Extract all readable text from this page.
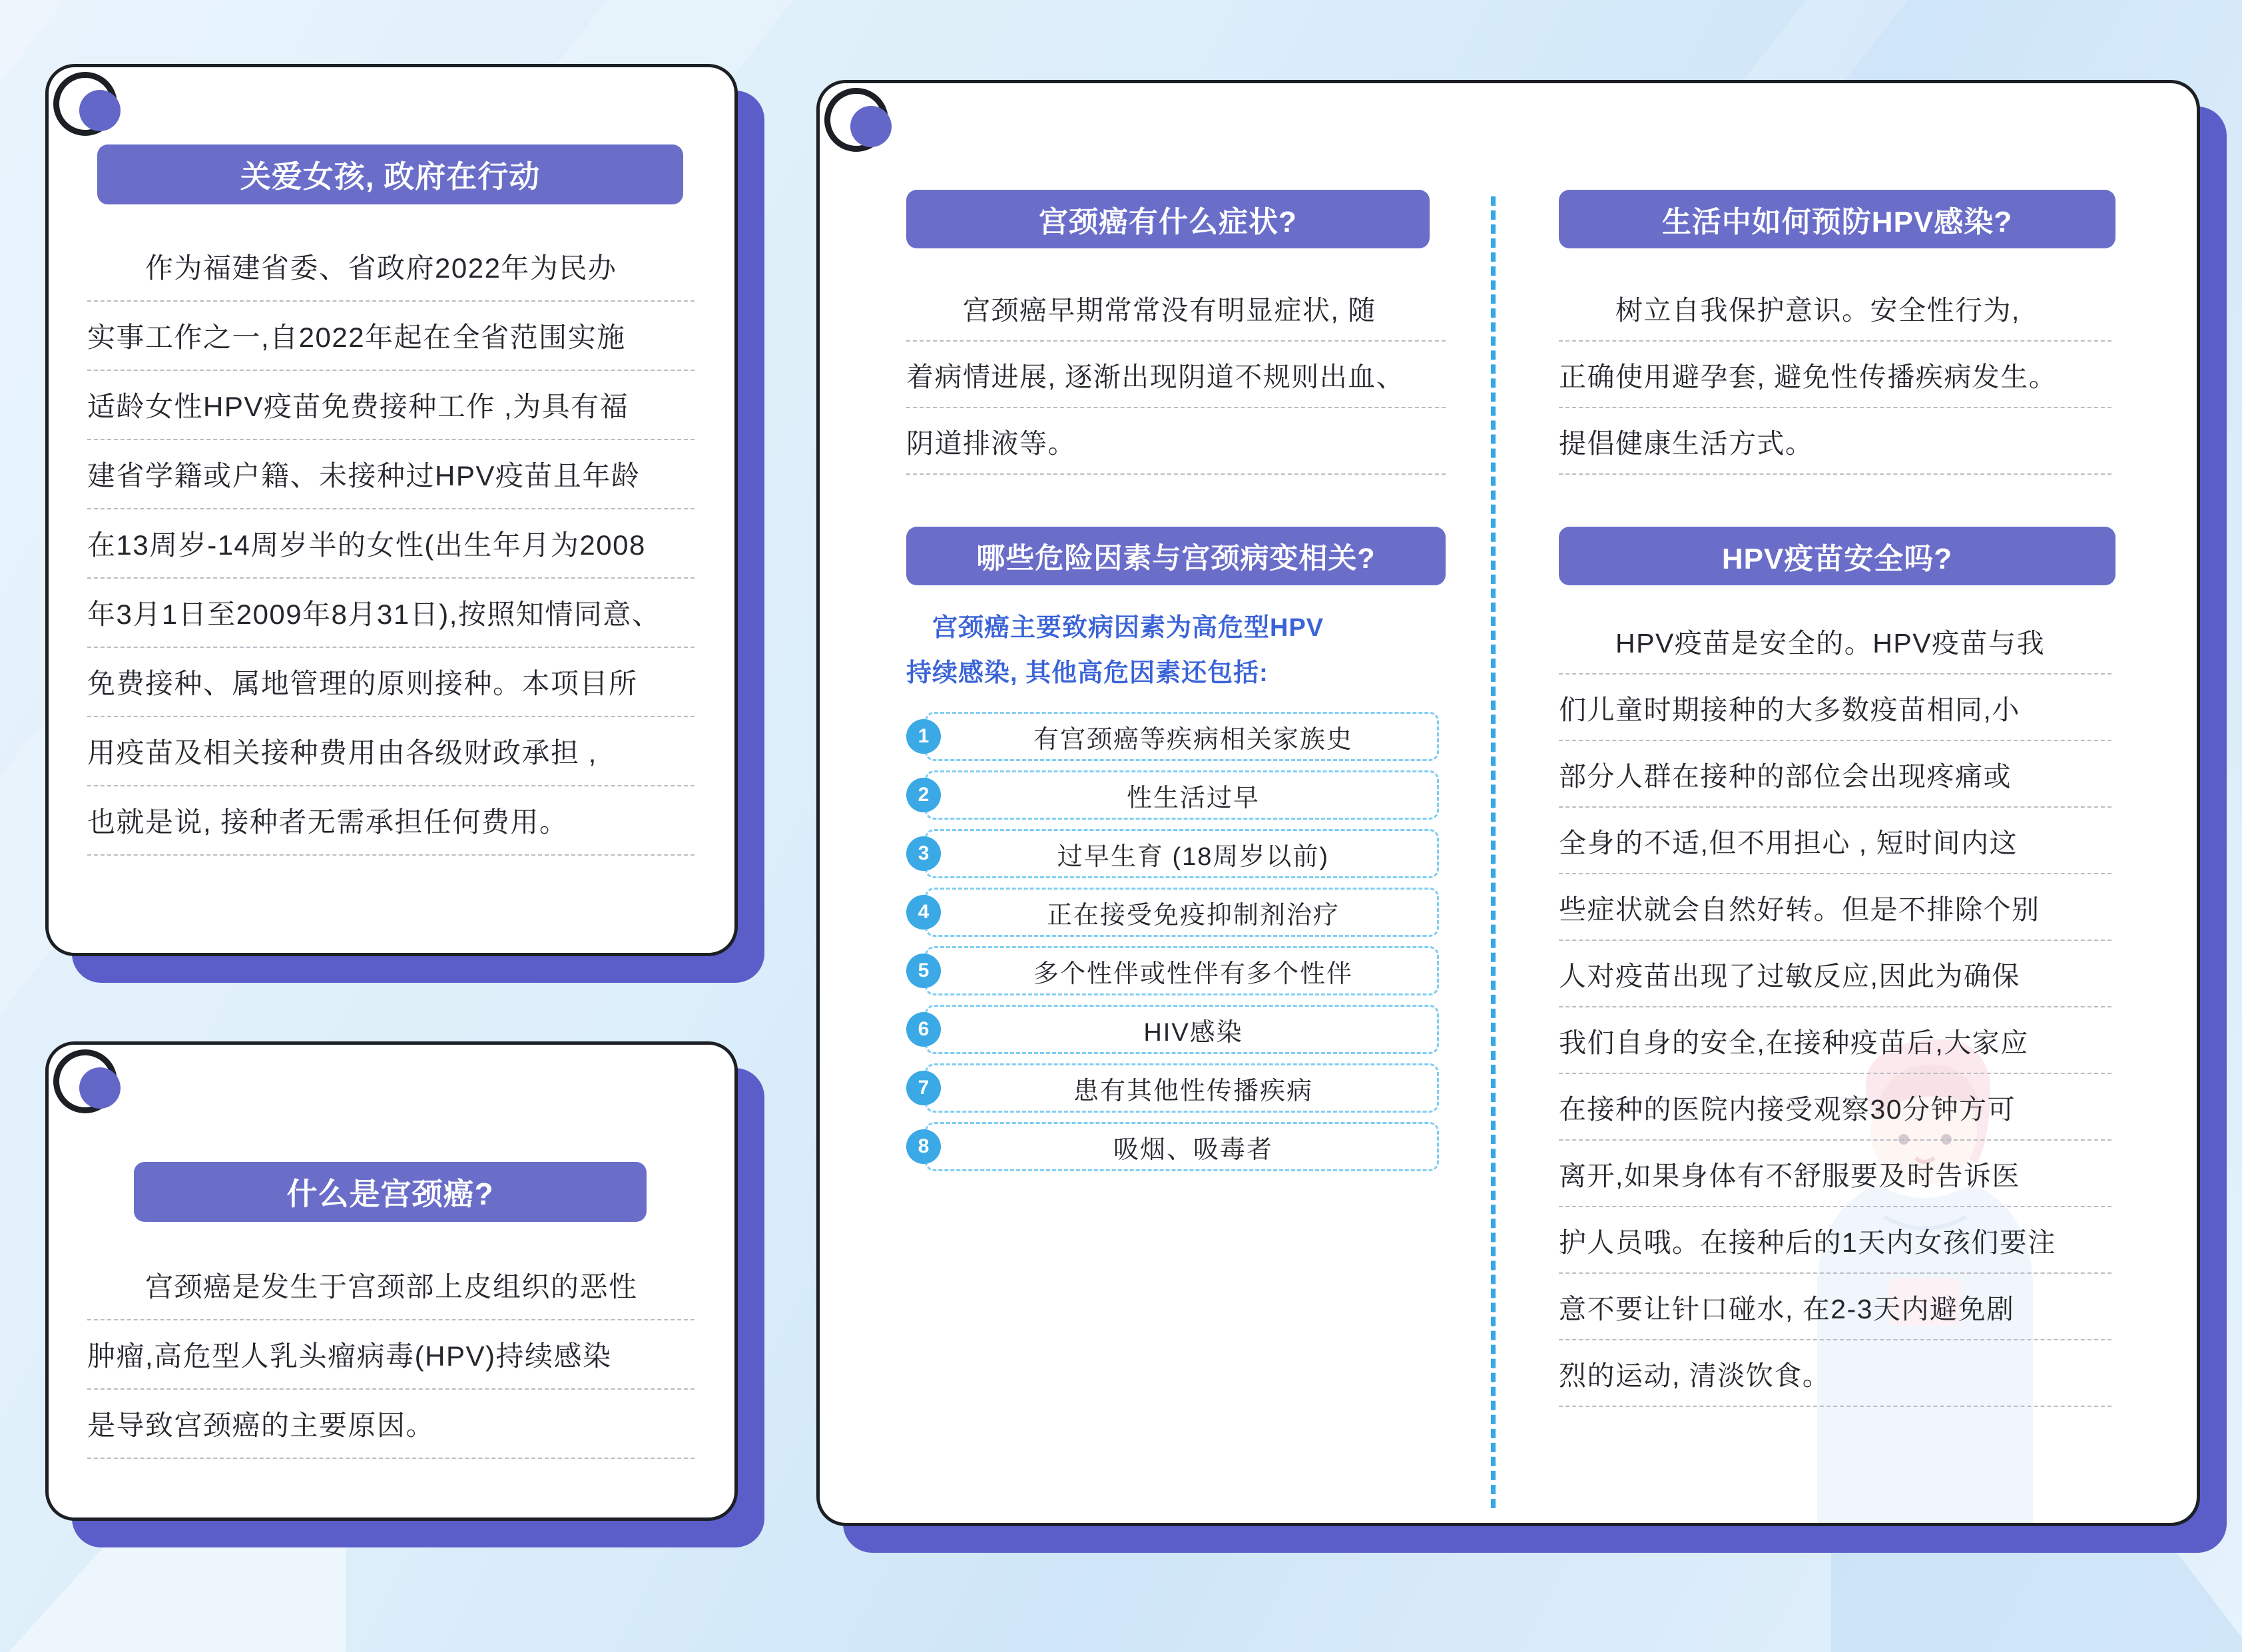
关爱女孩, 政府在行动
　　作为福建省委、省政府2022年为民办
实事工作之一,自2022年起在全省范围实施
适龄女性HPV疫苗免费接种工作 ,为具有福
建省学籍或户籍、未接种过HPV疫苗且年龄
在13周岁-14周岁半的女性(出生年月为2008
年3月1日至2009年8月31日),按照知情同意、
免费接种、属地管理的原则接种。本项目所
用疫苗及相关接种费用由各级财政承担 ,
也就是说, 接种者无需承担任何费用。
什么是宫颈癌?
　　宫颈癌是发生于宫颈部上皮组织的恶性
肿瘤,高危型人乳头瘤病毒(HPV)持续感染
是导致宫颈癌的主要原因。
宫颈癌有什么症状?
　　宫颈癌早期常常没有明显症状, 随
着病情进展, 逐渐出现阴道不规则出血、
阴道排液等。
哪些危险因素与宫颈病变相关?
　宫颈癌主要致病因素为高危型HPV
持续感染, 其他高危因素还包括:
1	有宫颈癌等疾病相关家族史
2	性生活过早
3	过早生育 (18周岁以前)
4	正在接受免疫抑制剂治疗
5	多个性伴或性伴有多个性伴
6	HIV感染
7	患有其他性传播疾病
8	吸烟、吸毒者
生活中如何预防HPV感染?
　　树立自我保护意识。安全性行为,
正确使用避孕套, 避免性传播疾病发生。
提倡健康生活方式。
HPV疫苗安全吗?
　　HPV疫苗是安全的。HPV疫苗与我
们儿童时期接种的大多数疫苗相同,小
部分人群在接种的部位会出现疼痛或
全身的不适,但不用担心 , 短时间内这
些症状就会自然好转。但是不排除个别
人对疫苗出现了过敏反应,因此为确保
我们自身的安全,在接种疫苗后,大家应
在接种的医院内接受观察30分钟方可
离开,如果身体有不舒服要及时告诉医
护人员哦。在接种后的1天内女孩们要注
意不要让针口碰水, 在2-3天内避免剧
烈的运动, 清淡饮食。
